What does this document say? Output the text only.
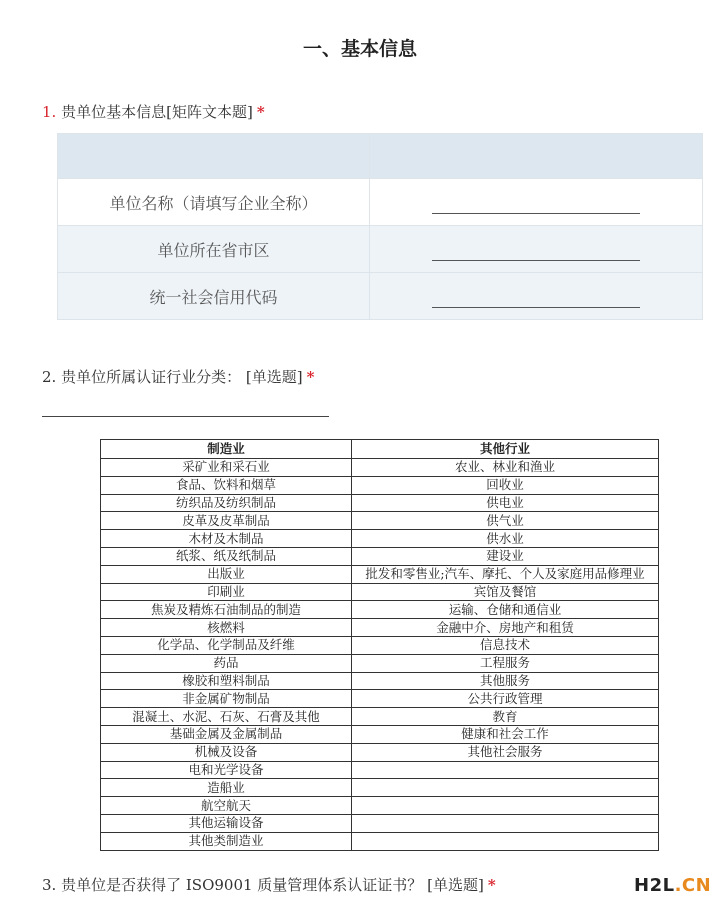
一、基本信息
1. 贵单位基本信息[矩阵文本题] *

单位名称（请填写企业全称）	

单位所在省市区	

统一社会信用代码	
2. 贵单位所属认证行业分类： [单选题] *
制造业	其他行业
采矿业和采石业	农业、林业和渔业
食品、饮料和烟草	回收业
纺织品及纺织制品	供电业
皮革及皮革制品	供气业
木材及木制品	供水业
纸浆、纸及纸制品	建设业
出版业	批发和零售业;汽车、摩托、个人及家庭用品修理业
印刷业	宾馆及餐馆
焦炭及精炼石油制品的制造	运输、仓储和通信业
核燃料	金融中介、房地产和租赁
化学品、化学制品及纤维	信息技术
药品	工程服务
橡胶和塑料制品	其他服务
非金属矿物制品	公共行政管理
混凝土、水泥、石灰、石膏及其他	教育
基础金属及金属制品	健康和社会工作
机械及设备	其他社会服务
电和光学设备	
造船业	
航空航天	
其他运输设备	
其他类制造业	
3. 贵单位是否获得了 ISO9001 质量管理体系认证证书？ [单选题] *	H2L.CN
